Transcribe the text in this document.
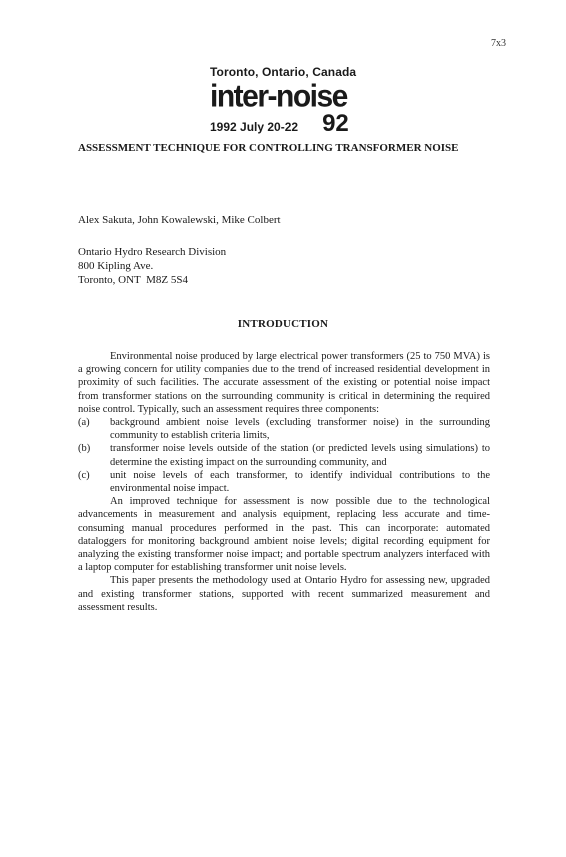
7x3
Toronto, Ontario, Canada
inter-noise
1992 July 20-22 92
ASSESSMENT TECHNIQUE FOR CONTROLLING TRANSFORMER NOISE
Alex Sakuta, John Kowalewski, Mike Colbert
Ontario Hydro Research Division
800 Kipling Ave.
Toronto, ONT  M8Z 5S4
INTRODUCTION

Environmental noise produced by large electrical power transformers (25 to 750 MVA) is a growing concern for utility companies due to the trend of increased residential development in proximity of such facilities. The accurate assessment of the existing or potential noise impact from transformer stations on the surrounding community is critical in determining the required noise control. Typically, such an assessment requires three components:

(a)	background ambient noise levels (excluding transformer noise) in the surrounding community to establish criteria limits,
(b)	transformer noise levels outside of the station (or predicted levels using simulations) to determine the existing impact on the surrounding community, and
(c)	unit noise levels of each transformer, to identify individual contributions to the environmental noise impact.

An improved technique for assessment is now possible due to the technological advancements in measurement and analysis equipment, replacing less accurate and time-consuming manual procedures performed in the past. This can incorporate: automated dataloggers for monitoring background ambient noise levels; digital recording equipment for analyzing the existing transformer noise impact; and portable spectrum analyzers interfaced with a laptop computer for establishing transformer unit noise levels.

This paper presents the methodology used at Ontario Hydro for assessing new, upgraded and existing transformer stations, supported with recent summarized measurement and assessment results.
